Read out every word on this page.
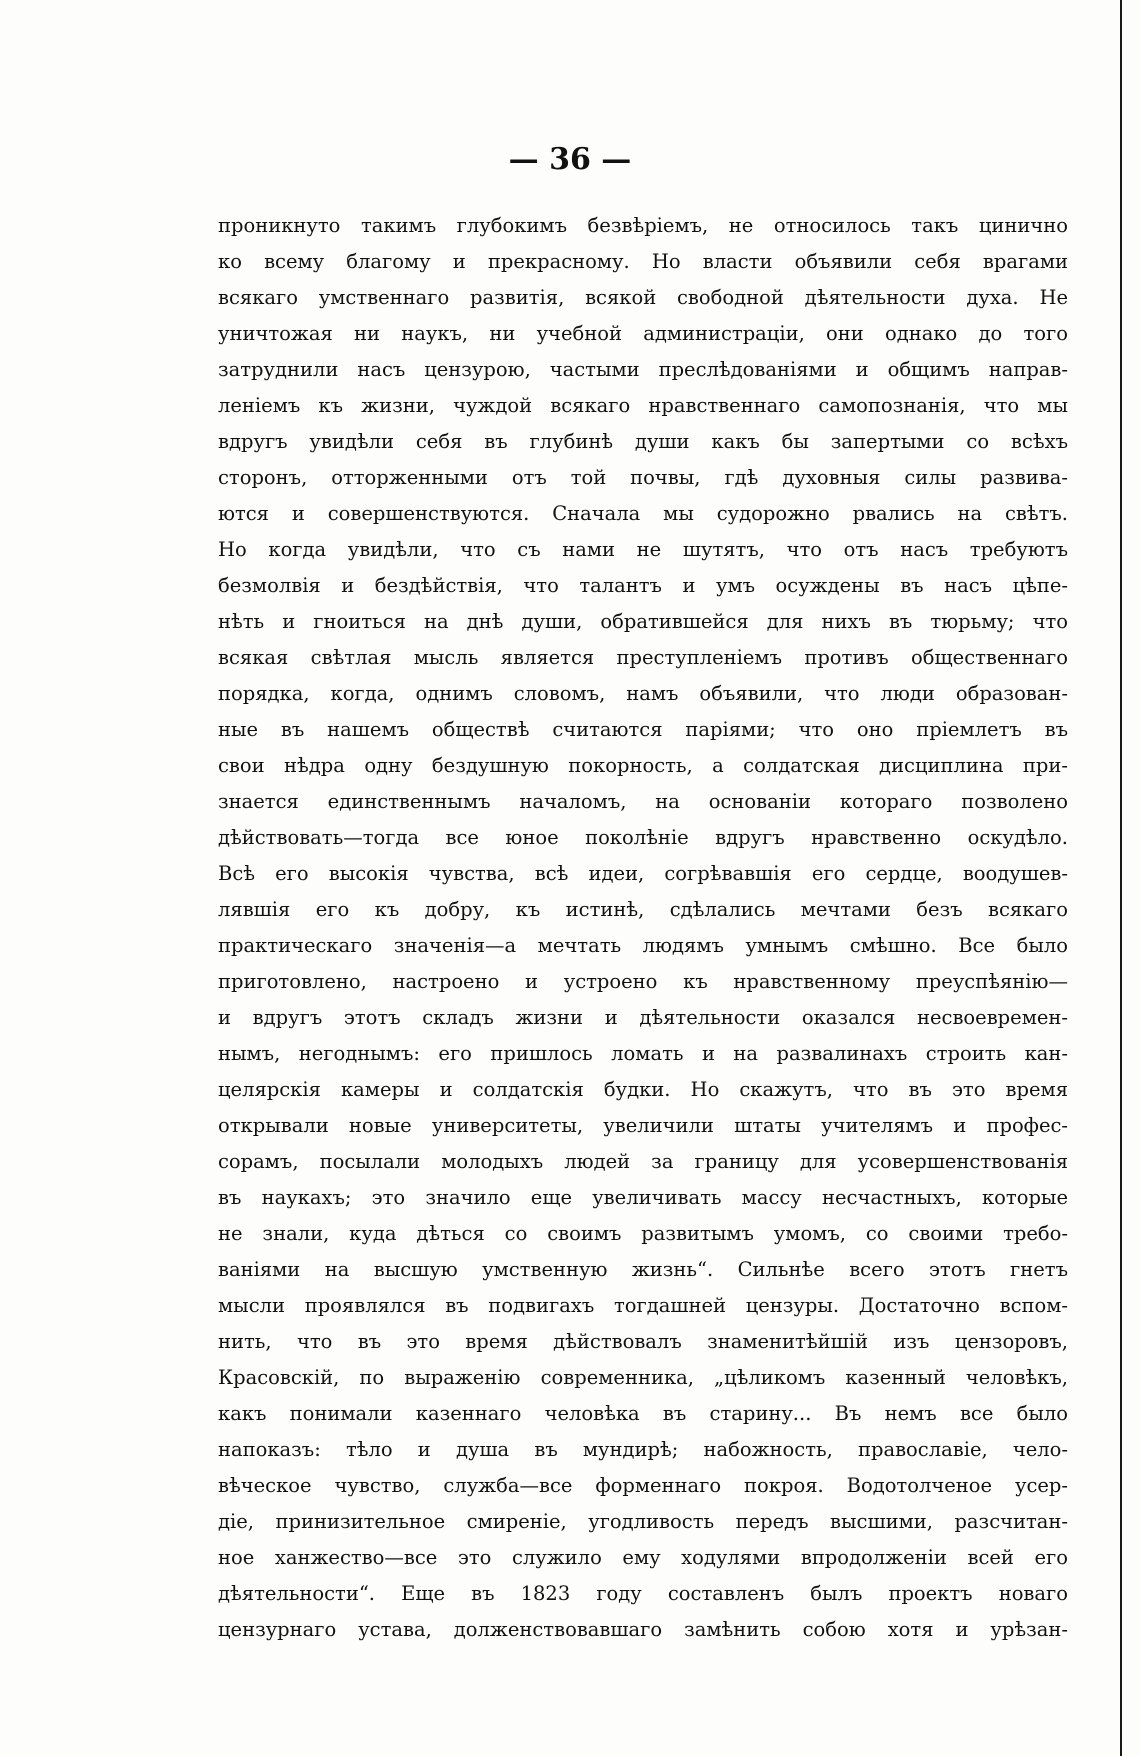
— 36 —
проникнуто такимъ глубокимъ безвѣріемъ, не относилось такъ цинично
ко всему благому и прекрасному. Но власти объявили себя врагами
всякаго умственнаго развитія, всякой свободной дѣятельности духа. Не
уничтожая ни наукъ, ни учебной администраціи, они однако до того
затруднили насъ цензурою, частыми преслѣдованіями и общимъ направ-
леніемъ къ жизни, чуждой всякаго нравственнаго самопознанія, что мы
вдругъ увидѣли себя въ глубинѣ души какъ бы запертыми со всѣхъ
сторонъ, отторженными отъ той почвы, гдѣ духовныя силы развива-
ются и совершенствуются. Сначала мы судорожно рвались на свѣтъ.
Но когда увидѣли, что съ нами не шутятъ, что отъ насъ требуютъ
безмолвія и бездѣйствія, что талантъ и умъ осуждены въ насъ цѣпе-
нѣть и гноиться на днѣ души, обратившейся для нихъ въ тюрьму; что
всякая свѣтлая мысль является преступленіемъ противъ общественнаго
порядка, когда, однимъ словомъ, намъ объявили, что люди образован-
ные въ нашемъ обществѣ считаются паріями; что оно пріемлетъ въ
свои нѣдра одну бездушную покорность, а солдатская дисциплина при-
знается единственнымъ началомъ, на основаніи котораго позволено
дѣйствовать—тогда все юное поколѣніе вдругъ нравственно оскудѣло.
Всѣ его высокія чувства, всѣ идеи, согрѣвавшія его сердце, воодушев-
лявшія его къ добру, къ истинѣ, сдѣлались мечтами безъ всякаго
практическаго значенія—а мечтать людямъ умнымъ смѣшно. Все было
приготовлено, настроено и устроено къ нравственному преуспѣянію—
и вдругъ этотъ складъ жизни и дѣятельности оказался несвоевремен-
нымъ, негоднымъ: его пришлось ломать и на развалинахъ строить кан-
целярскія камеры и солдатскія будки. Но скажутъ, что въ это время
открывали новые университеты, увеличили штаты учителямъ и профес-
сорамъ, посылали молодыхъ людей за границу для усовершенствованія
въ наукахъ; это значило еще увеличивать массу несчастныхъ, которые
не знали, куда дѣться со своимъ развитымъ умомъ, со своими требо-
ваніями на высшую умственную жизнь“. Сильнѣе всего этотъ гнетъ
мысли проявлялся въ подвигахъ тогдашней цензуры. Достаточно вспом-
нить, что въ это время дѣйствовалъ знаменитѣйшій изъ цензоровъ,
Красовскій, по выраженію современника, „цѣликомъ казенный человѣкъ,
какъ понимали казеннаго человѣка въ старину... Въ немъ все было
напоказъ: тѣло и душа въ мундирѣ; набожность, православіе, чело-
вѣческое чувство, служба—все форменнаго покроя. Водотолченое усер-
діе, принизительное смиреніе, угодливость передъ высшими, разсчитан-
ное ханжество—все это служило ему ходулями впродолженіи всей его
дѣятельности“. Еще въ 1823 году составленъ былъ проектъ новаго
цензурнаго устава, долженствовавшаго замѣнить собою хотя и урѣзан-
